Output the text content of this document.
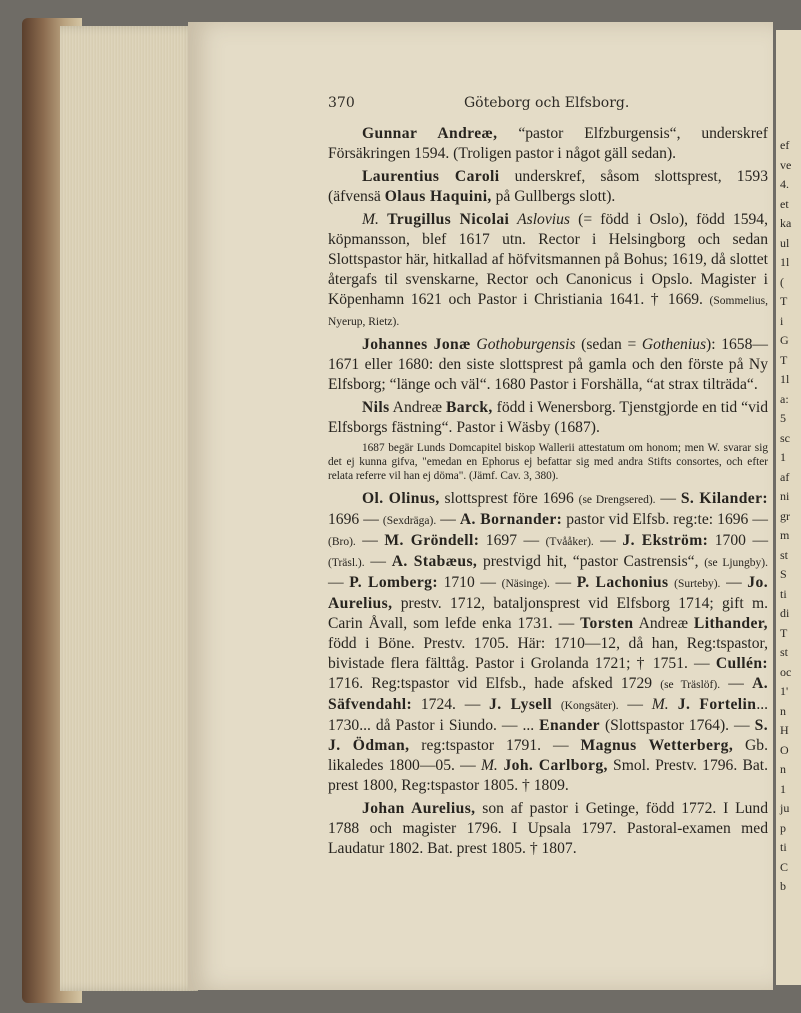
ef
ve
4.
et
ka
ul
1l
(
T
i
G
T
1l
a:
5
sc
1
af
ni
gr
m
st
S
ti
di
T
st
oc
1'
n
H
O
n
1
ju
p
ti
C
b
370	Göteborg och Elfsborg.

Gunnar Andreæ, “pastor Elfzburgensis“, underskref Försäkringen 1594. (Troligen pastor i något gäll sedan).

Laurentius Caroli underskref, såsom slottsprest, 1593 (äfvensä Olaus Haquini, på Gullbergs slott).

M. Trugillus Nicolai Aslovius (= född i Oslo), född 1594, köpmansson, blef 1617 utn. Rector i Helsingborg och sedan Slottspastor här, hitkallad af höfvitsmannen på Bohus; 1619, då slottet återgafs til svenskarne, Rector och Canonicus i Opslo. Magister i Köpenhamn 1621 och Pastor i Christiania 1641. † 1669. (Sommelius, Nyerup, Rietz).

Johannes Jonæ Gothoburgensis (sedan = Gothenius): 1658—1671 eller 1680: den siste slottsprest på gamla och den förste på Ny Elfsborg; “länge och väl“. 1680 Pastor i Forshälla, “at strax tilträda“.

Nils Andreæ Barck, född i Wenersborg. Tjenstgjorde en tid “vid Elfsborgs fästning“. Pastor i Wäsby (1687).

1687 begär Lunds Domcapitel biskop Wallerii attestatum om honom; men W. svarar sig det ej kunna gifva, "emedan en Ephorus ej befattar sig med andra Stifts consortes, och efter relata referre vil han ej döma". (Jämf. Cav. 3, 380).

Ol. Olinus, slottsprest före 1696 (se Drengsered). — S. Kilander: 1696 — (Sexdräga). — A. Bornander: pastor vid Elfsb. reg:te: 1696 — (Bro). — M. Gröndell: 1697 — (Tvååker). — J. Ekström: 1700 — (Träsl.). — A. Stabæus, prestvigd hit, “pastor Castrensis“, (se Ljungby). — P. Lomberg: 1710 — (Näsinge). — P. Lachonius (Surteby). — Jo. Aurelius, prestv. 1712, bataljonsprest vid Elfsborg 1714; gift m. Carin Åvall, som lefde enka 1731. — Torsten Andreæ Lithander, född i Böne. Prestv. 1705. Här: 1710—12, då han, Reg:tspastor, bivistade flera fälttåg. Pastor i Grolanda 1721; † 1751. — Cullén: 1716. Reg:tspastor vid Elfsb., hade afsked 1729 (se Träslöf). — A. Säfvendahl: 1724. — J. Lysell (Kongsäter). — M. J. Fortelin... 1730... då Pastor i Siundo. — ... Enander (Slottspastor 1764). — S. J. Ödman, reg:tspastor 1791. — Magnus Wetterberg, Gb. likaledes 1800—05. — M. Joh. Carlborg, Smol. Prestv. 1796. Bat. prest 1800, Reg:tspastor 1805. † 1809.

Johan Aurelius, son af pastor i Getinge, född 1772. I Lund 1788 och magister 1796. I Upsala 1797. Pastoral-examen med Laudatur 1802. Bat. prest 1805. † 1807.
